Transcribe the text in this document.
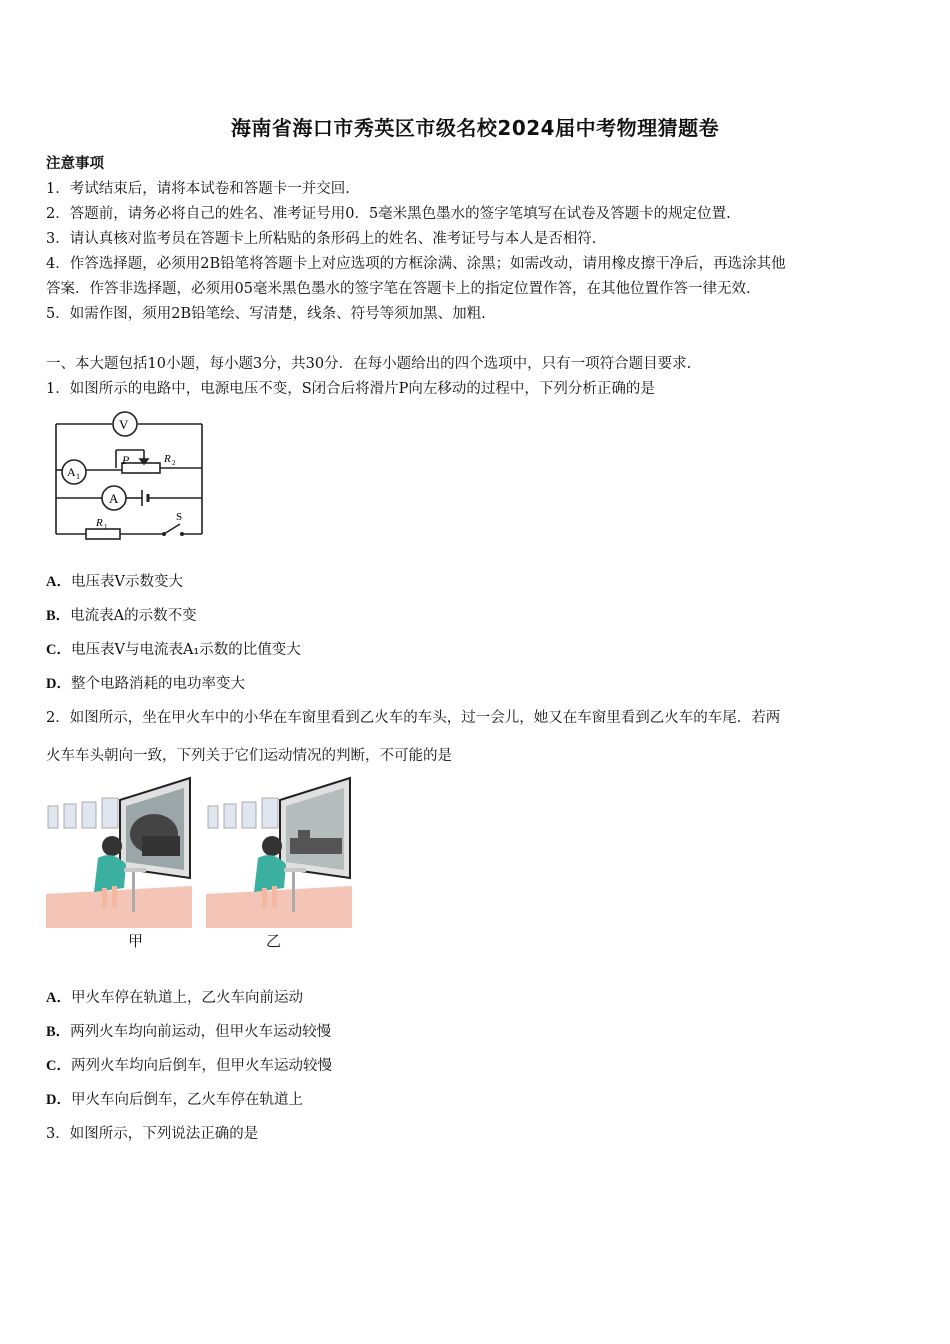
海南省海口市秀英区市级名校2024届中考物理猜题卷
注意事项
1．考试结束后，请将本试卷和答题卡一并交回.
2．答题前，请务必将自己的姓名、准考证号用0．5毫米黑色墨水的签字笔填写在试卷及答题卡的规定位置.
3．请认真核对监考员在答题卡上所粘贴的条形码上的姓名、准考证号与本人是否相符.
4．作答选择题，必须用2B铅笔将答题卡上对应选项的方框涂满、涂黑；如需改动，请用橡皮擦干净后，再选涂其他
答案．作答非选择题，必须用05毫米黑色墨水的签字笔在答题卡上的指定位置作答，在其他位置作答一律无效.
5．如需作图，须用2B铅笔绘、写清楚，线条、符号等须加黑、加粗.
一、本大题包括10小题，每小题3分，共30分．在每小题给出的四个选项中，只有一项符合题目要求.
1．如图所示的电路中，电源电压不变，S闭合后将滑片P向左移动的过程中，下列分析正确的是
V
A 1
A
P	R 2
R 1
S
A．电压表V示数变大
B．电流表A的示数不变
C．电压表V与电流表A₁示数的比值变大
D．整个电路消耗的电功率变大
2．如图所示，坐在甲火车中的小华在车窗里看到乙火车的车头，过一会儿，她又在车窗里看到乙火车的车尾．若两
火车车头朝向一致，下列关于它们运动情况的判断，不可能的是
甲	乙
A．甲火车停在轨道上，乙火车向前运动
B．两列火车均向前运动，但甲火车运动较慢
C．两列火车均向后倒车，但甲火车运动较慢
D．甲火车向后倒车，乙火车停在轨道上
3．如图所示，下列说法正确的是
